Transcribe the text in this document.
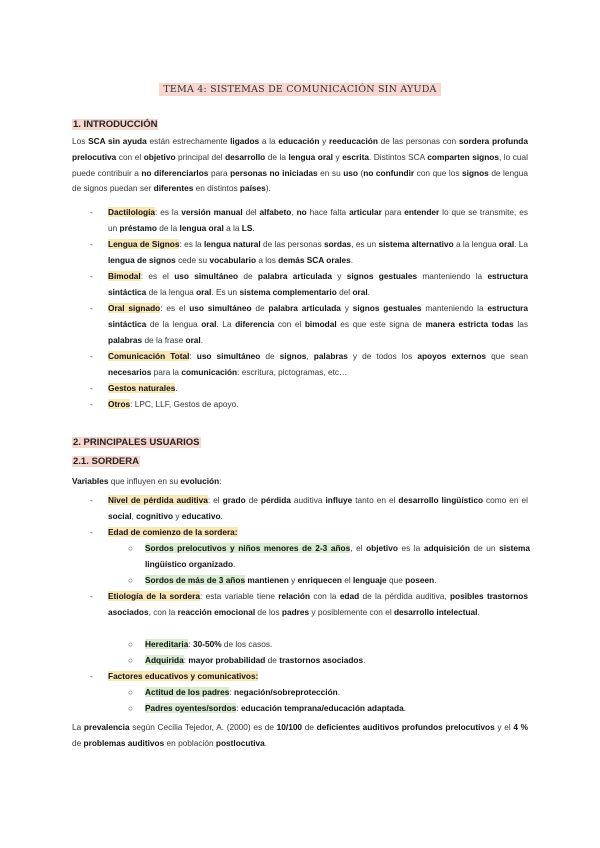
TEMA 4: SISTEMAS DE COMUNICACIÓN SIN AYUDA
1. INTRODUCCIÓN
Los SCA sin ayuda están estrechamente ligados a la educación y reeducación de las personas con sordera profunda prelocutiva con el objetivo principal del desarrollo de la lengua oral y escrita. Distintos SCA comparten signos, lo cual puede contribuir a no diferenciarlos para personas no iniciadas en su uso (no confundir con que los signos de lengua de signos puedan ser diferentes en distintos países).
- Dactilología: es la versión manual del alfabeto, no hace falta articular para entender lo que se transmite, es un préstamo de la lengua oral a la LS.
- Lengua de Signos: es la lengua natural de las personas sordas, es un sistema alternativo a la lengua oral. La lengua de signos cede su vocabulario a los demás SCA orales.
- Bimodal: es el uso simultáneo de palabra articulada y signos gestuales manteniendo la estructura sintáctica de la lengua oral. Es un sistema complementario del oral.
- Oral signado: es el uso simultáneo de palabra articulada y signos gestuales manteniendo la estructura sintáctica de la lengua oral. La diferencia con el bimodal es que este signa de manera estricta todas las palabras de la frase oral.
- Comunicación Total: uso simultáneo de signos, palabras y de todos los apoyos externos que sean necesarios para la comunicación: escritura, pictogramas, etc…
- Gestos naturales.
- Otros: LPC, LLF, Gestos de apoyo.
2. PRINCIPALES USUARIOS
2.1. SORDERA
Variables que influyen en su evolución:
- Nivel de pérdida auditiva: el grado de pérdida auditiva influye tanto en el desarrollo lingüístico como en el social, cognitivo y educativo.
- Edad de comienzo de la sordera:
○ Sordos prelocutivos y niños menores de 2-3 años, el objetivo es la adquisición de un sistema lingüístico organizado.
○ Sordos de más de 3 años mantienen y enriquecen el lenguaje que poseen.
- Etiología de la sordera: esta variable tiene relación con la edad de la pérdida auditiva, posibles trastornos asociados, con la reacción emocional de los padres y posiblemente con el desarrollo intelectual.
○ Hereditaria: 30-50% de los casos.
○ Adquirida: mayor probabilidad de trastornos asociados.
- Factores educativos y comunicativos:
○ Actitud de los padres: negación/sobreprotección.
○ Padres oyentes/sordos: educación temprana/educación adaptada.
La prevalencia según Cecilia Tejedor, A. (2000) es de 10/100 de deficientes auditivos profundos prelocutivos y el 4 % de problemas auditivos en población postlocutiva.
